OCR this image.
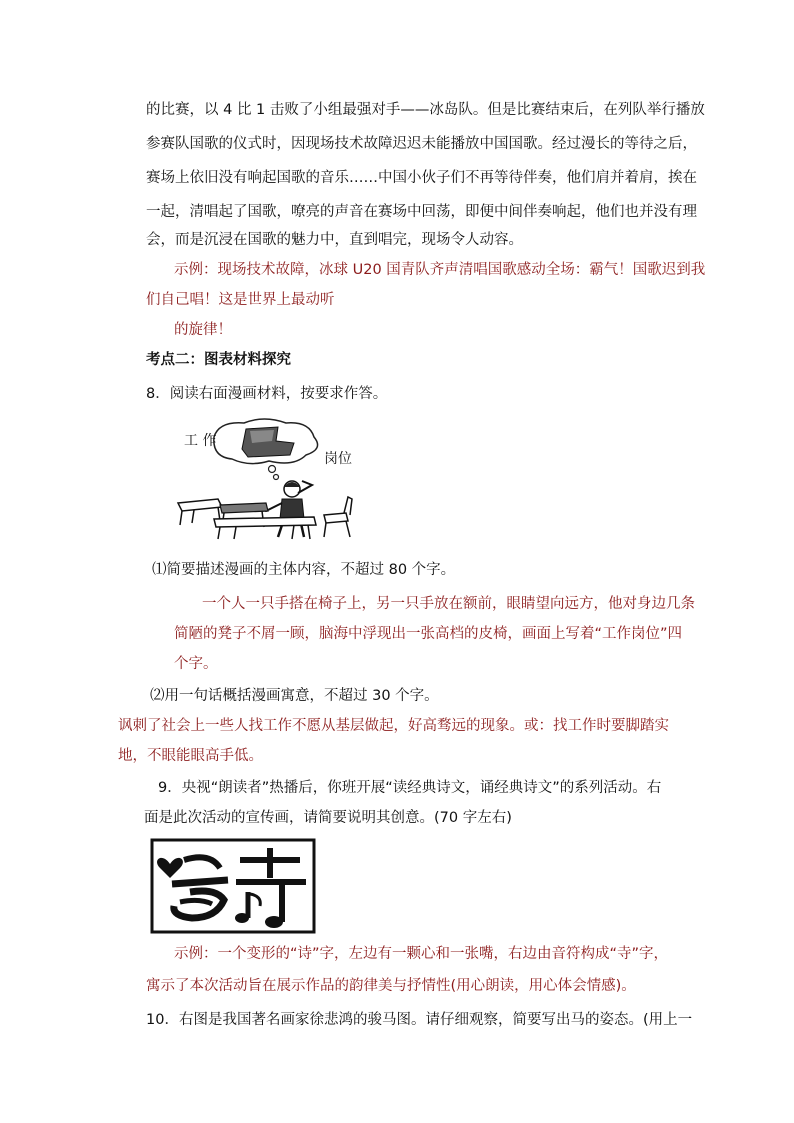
的比赛，以 4 比 1 击败了小组最强对手——冰岛队。但是比赛结束后，在列队举行播放
参赛队国歌的仪式时，因现场技术故障迟迟未能播放中国国歌。经过漫长的等待之后，
赛场上依旧没有响起国歌的音乐……中国小伙子们不再等待伴奏，他们肩并着肩，挨在
一起，清唱起了国歌，嘹亮的声音在赛场中回荡，即便中间伴奏响起，他们也并没有理
会，而是沉浸在国歌的魅力中，直到唱完，现场令人动容。
示例：现场技术故障，冰球 U20 国青队齐声清唱国歌感动全场：霸气！国歌迟到我
们自己唱！这是世界上最动听
的旋律！
考点二：图表材料探究
8．阅读右面漫画材料，按要求作答。
工 作
岗位
⑴简要描述漫画的主体内容，不超过 80 个字。
一个人一只手搭在椅子上，另一只手放在额前，眼睛望向远方，他对身边几条
简陋的凳子不屑一顾，脑海中浮现出一张高档的皮椅，画面上写着“工作岗位”四
个字。
⑵用一句话概括漫画寓意，不超过 30 个字。
讽刺了社会上一些人找工作不愿从基层做起，好高骛远的现象。或：找工作时要脚踏实
地，不眼能眼高手低。
9．央视“朗读者”热播后，你班开展“读经典诗文，诵经典诗文”的系列活动。右
面是此次活动的宣传画，请简要说明其创意。(70 字左右)
诗
示例：一个变形的“诗”字，左边有一颗心和一张嘴，右边由音符构成“寺”字，
寓示了本次活动旨在展示作品的韵律美与抒情性(用心朗读，用心体会情感)。
10．右图是我国著名画家徐悲鸿的骏马图。请仔细观察，简要写出马的姿态。(用上一
